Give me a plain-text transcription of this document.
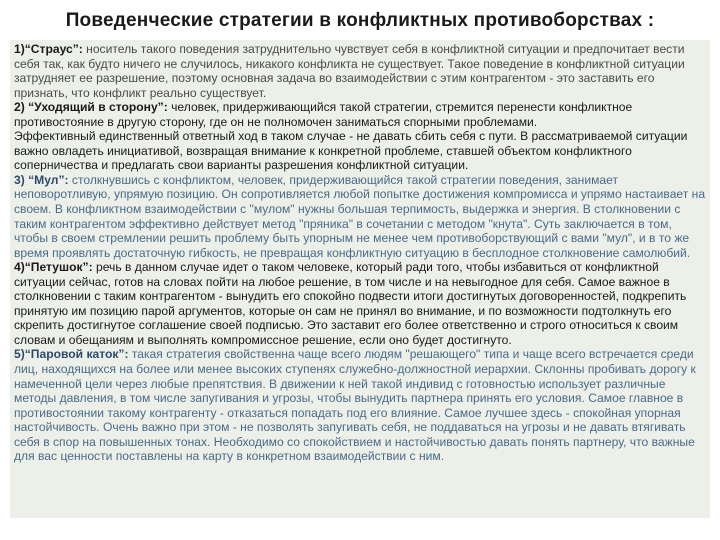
Поведенческие стратегии в конфликтных противоборствах :

1)“Страус”: носитель такого поведения затруднительно чувствует себя в конфликтной ситуации и предпочитает вести себя так, как будто ничего не случилось, никакого конфликта не существует. Такое поведение в конфликтной ситуации затрудняет ее разрешение, поэтому основная задача во взаимодействии с этим контрагентом - это заставить его признать, что конфликт реально существует.

2) “Уходящий в сторону”: человек, придерживающийся такой стратегии, стремится перенести конфликтное противостояние в другую сторону, где он не полномочен заниматься спорными проблемами.

Эффективный единственный ответный ход в таком случае - не давать сбить себя с пути. В рассматриваемой ситуации важно овладеть инициативой, возвращая внимание к конкретной проблеме, ставшей объектом конфликтного соперничества и предлагать свои варианты разрешения конфликтной ситуации.

3) “Мул”: столкнувшись с конфликтом, человек, придерживающийся такой стратегии поведения, занимает неповоротливую, упрямую позицию. Он сопротивляется любой попытке достижения компромисса и упрямо настаивает на своем. В конфликтном взаимодействии с "мулом" нужны большая терпимость, выдержка и энергия. В столкновении с таким контрагентом эффективно действует метод "пряника" в сочетании с методом "кнута". Суть заключается в том, чтобы в своем стремлении решить проблему быть упорным не менее чем противоборствующий с вами "мул", и в то же время проявлять достаточную гибкость, не превращая конфликтную ситуацию в бесплодное столкновение самолюбий.

4)“Петушок”: речь в данном случае идет о таком человеке, который ради того, чтобы избавиться от конфликтной ситуации сейчас, готов на словах пойти на любое решение, в том числе и на невыгодное для себя. Самое важное в столкновении с таким контрагентом - вынудить его спокойно подвести итоги достигнутых договоренностей, подкрепить принятую им позицию парой аргументов, которые он сам не принял во внимание, и по возможности подтолкнуть его скрепить достигнутое соглашение своей подписью. Это заставит его более ответственно и строго относиться к своим словам и обещаниям и выполнять компромиссное решение, если оно будет достигнуто.

5)“Паровой каток”: такая стратегия свойственна чаще всего людям "решающего" типа и чаще всего встречается среди лиц, находящихся на более или менее высоких ступенях служебно-должностной иерархии. Склонны пробивать дорогу к намеченной цели через любые препятствия. В движении к ней такой индивид с готовностью использует различные методы давления, в том числе запугивания и угрозы, чтобы вынудить партнера принять его условия. Самое главное в противостоянии такому контрагенту - отказаться попадать под его влияние. Самое лучшее здесь - спокойная упорная настойчивость. Очень важно при этом - не позволять запугивать себя, не поддаваться на угрозы и не давать втягивать себя в спор на повышенных тонах. Необходимо со спокойствием и настойчивостью давать понять партнеру, что важные для вас ценности поставлены на карту в конкретном взаимодействии с ним.
